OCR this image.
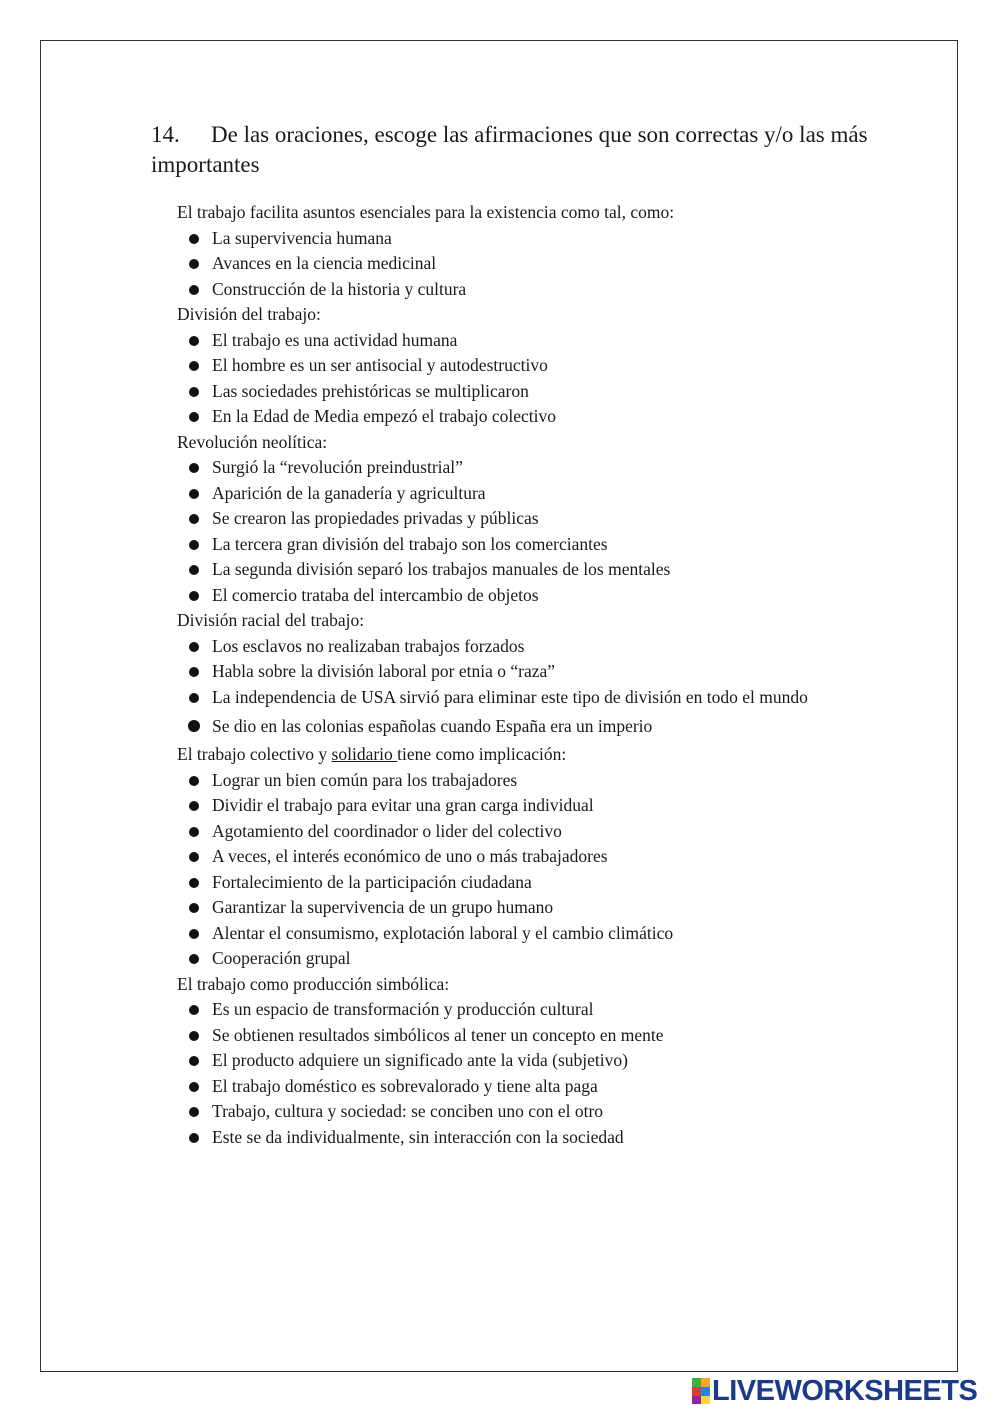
14. De las oraciones, escoge las afirmaciones que son correctas y/o las más importantes
El trabajo facilita asuntos esenciales para la existencia como tal, como:
La supervivencia humana
Avances en la ciencia medicinal
Construcción de la historia y cultura
División del trabajo:
El trabajo es una actividad humana
El hombre es un ser antisocial y autodestructivo
Las sociedades prehistóricas se multiplicaron
En la Edad de Media empezó el trabajo colectivo
Revolución neolítica:
Surgió la “revolución preindustrial”
Aparición de la ganadería y agricultura
Se crearon las propiedades privadas y públicas
La tercera gran división del trabajo son los comerciantes
La segunda división separó los trabajos manuales de los mentales
El comercio trataba del intercambio de objetos
División racial del trabajo:
Los esclavos no realizaban trabajos forzados
Habla sobre la división laboral por etnia o “raza”
La independencia de USA sirvió para eliminar este tipo de división en todo el mundo
Se dio en las colonias españolas cuando España era un imperio
El trabajo colectivo y solidario tiene como implicación:
Lograr un bien común para los trabajadores
Dividir el trabajo para evitar una gran carga individual
Agotamiento del coordinador o lider del colectivo
A veces, el interés económico de uno o más trabajadores
Fortalecimiento de la participación ciudadana
Garantizar la supervivencia de un grupo humano
Alentar el consumismo, explotación laboral y el cambio climático
Cooperación grupal
El trabajo como producción simbólica:
Es un espacio de transformación y producción cultural
Se obtienen resultados simbólicos al tener un concepto en mente
El producto adquiere un significado ante la vida (subjetivo)
El trabajo doméstico es sobrevalorado y tiene alta paga
Trabajo, cultura y sociedad: se conciben uno con el otro
Este se da individualmente, sin interacción con la sociedad
LIVEWORKSHEETS
